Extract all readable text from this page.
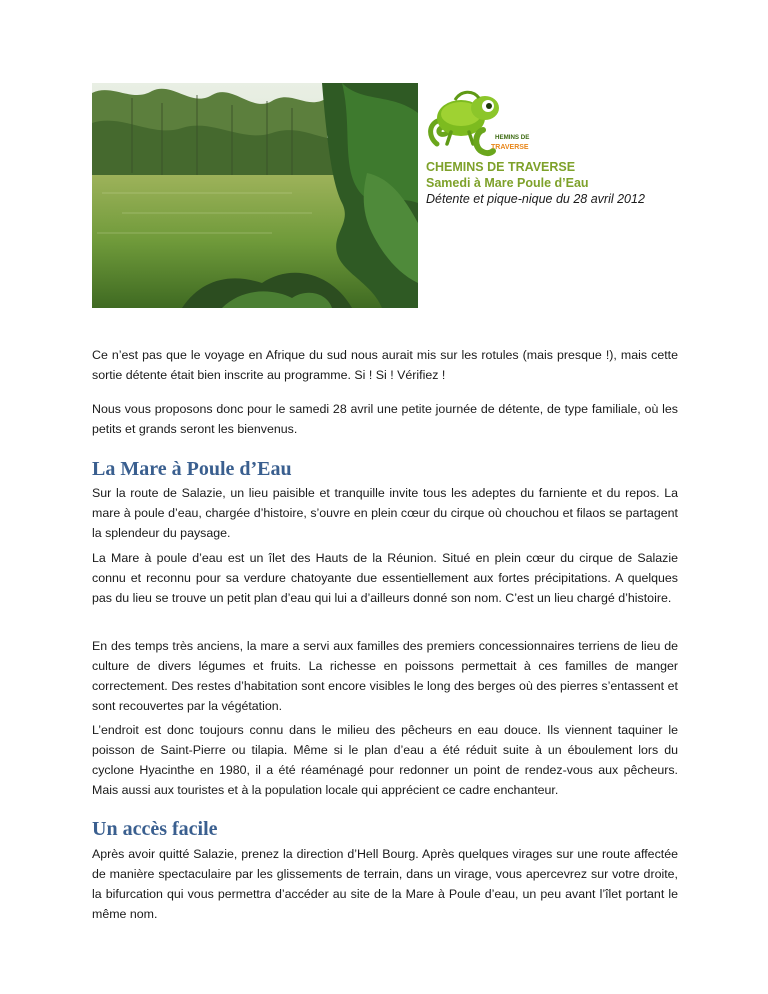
HEMINS DE
TRAVERSE
CHEMINS DE TRAVERSE
Samedi à Mare Poule d’Eau
Détente et pique-nique du 28 avril 2012

Ce n’est pas que le voyage en Afrique du sud nous aurait mis sur les rotules (mais presque !), mais cette sortie détente était bien inscrite au programme. Si ! Si ! Vérifiez !

Nous vous proposons donc pour le samedi 28 avril une petite journée de détente, de type familiale, où les petits et grands seront les bienvenus.

La Mare à Poule d’Eau

Sur la route de Salazie, un lieu paisible et tranquille invite tous les adeptes du farniente et du repos. La mare à poule d’eau, chargée d’histoire, s’ouvre en plein cœur du cirque où chouchou et filaos se partagent la splendeur du paysage.

La Mare à poule d’eau est un îlet des Hauts de la Réunion. Situé en plein cœur du cirque de Salazie connu et reconnu pour sa verdure chatoyante due essentiellement aux fortes précipitations. A quelques pas du lieu se trouve un petit plan d’eau qui lui a d’ailleurs donné son nom. C’est un lieu chargé d’histoire.

En des temps très anciens, la mare a servi aux familles des premiers concessionnaires terriens de lieu de culture de divers légumes et fruits. La richesse en poissons permettait à ces familles de manger correctement. Des restes d’habitation sont encore visibles le long des berges où des pierres s’entassent et sont recouvertes par la végétation.

L’endroit est donc toujours connu dans le milieu des pêcheurs en eau douce. Ils viennent taquiner le poisson de Saint-Pierre ou tilapia. Même si le plan d’eau a été réduit suite à un éboulement lors du cyclone Hyacinthe en 1980, il a été réaménagé pour redonner un point de rendez-vous aux pêcheurs. Mais aussi aux touristes et à la population locale qui apprécient ce cadre enchanteur.

Un accès facile

Après avoir quitté Salazie, prenez la direction d’Hell Bourg. Après quelques virages sur une route affectée de manière spectaculaire par les glissements de terrain, dans un virage, vous apercevrez sur votre droite, la bifurcation qui vous permettra d’accéder au site de la Mare à Poule d’eau, un peu avant l’îlet portant le même nom.
